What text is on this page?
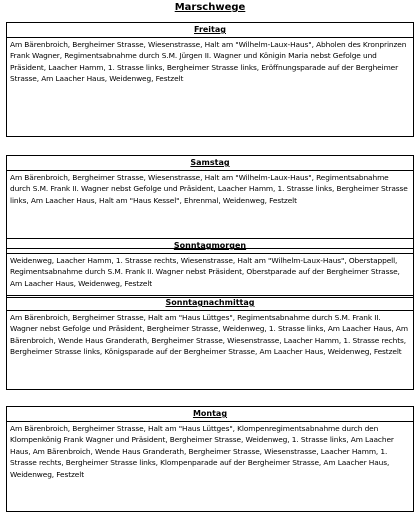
Marschwege
Freitag
Am Bärenbroich, Bergheimer Strasse, Wiesenstrasse, Halt am "Wilhelm-Laux-Haus", Abholen des Kronprinzen Frank Wagner, Regimentsabnahme durch S.M. Jürgen II. Wagner und Königin Maria nebst Gefolge und Präsident, Laacher Hamm, 1. Strasse links, Bergheimer Strasse links, Eröffnungsparade auf der Bergheimer Strasse, Am Laacher Haus, Weidenweg, Festzelt
Samstag
Am Bärenbroich, Bergheimer Strasse, Wiesenstrasse, Halt am "Wilhelm-Laux-Haus", Regimentsabnahme durch S.M. Frank II. Wagner nebst Gefolge und Präsident, Laacher Hamm, 1. Strasse links, Bergheimer Strasse links, Am Laacher Haus, Halt am "Haus Kessel", Ehrenmal, Weidenweg, Festzelt
Sonntagmorgen
Weidenweg, Laacher Hamm, 1. Strasse rechts, Wiesenstrasse, Halt am "Wilhelm-Laux-Haus", Oberstappell, Regimentsabnahme durch S.M. Frank II. Wagner nebst Präsident, Oberstparade auf der Bergheimer Strasse, Am Laacher Haus, Weidenweg, Festzelt
Sonntagnachmittag
Am Bärenbroich, Bergheimer Strasse, Halt am "Haus Lüttges", Regimentsabnahme durch S.M. Frank II. Wagner nebst Gefolge und Präsident, Bergheimer Strasse, Weidenweg, 1. Strasse links, Am Laacher Haus, Am Bärenbroich, Wende Haus Granderath, Bergheimer Strasse, Wiesenstrasse, Laacher Hamm, 1. Strasse rechts, Bergheimer Strasse links, Königsparade auf der Bergheimer Strasse, Am Laacher Haus, Weidenweg, Festzelt
Montag
Am Bärenbroich, Bergheimer Strasse, Halt am "Haus Lüttges", Klompenregimentsabnahme durch den Klompenkönig Frank Wagner und Präsident, Bergheimer Strasse, Weidenweg, 1. Strasse links, Am Laacher Haus, Am Bärenbroich, Wende Haus Granderath, Bergheimer Strasse, Wiesenstrasse, Laacher Hamm, 1. Strasse rechts, Bergheimer Strasse links, Klompenparade auf der Bergheimer Strasse, Am Laacher Haus, Weidenweg, Festzelt
